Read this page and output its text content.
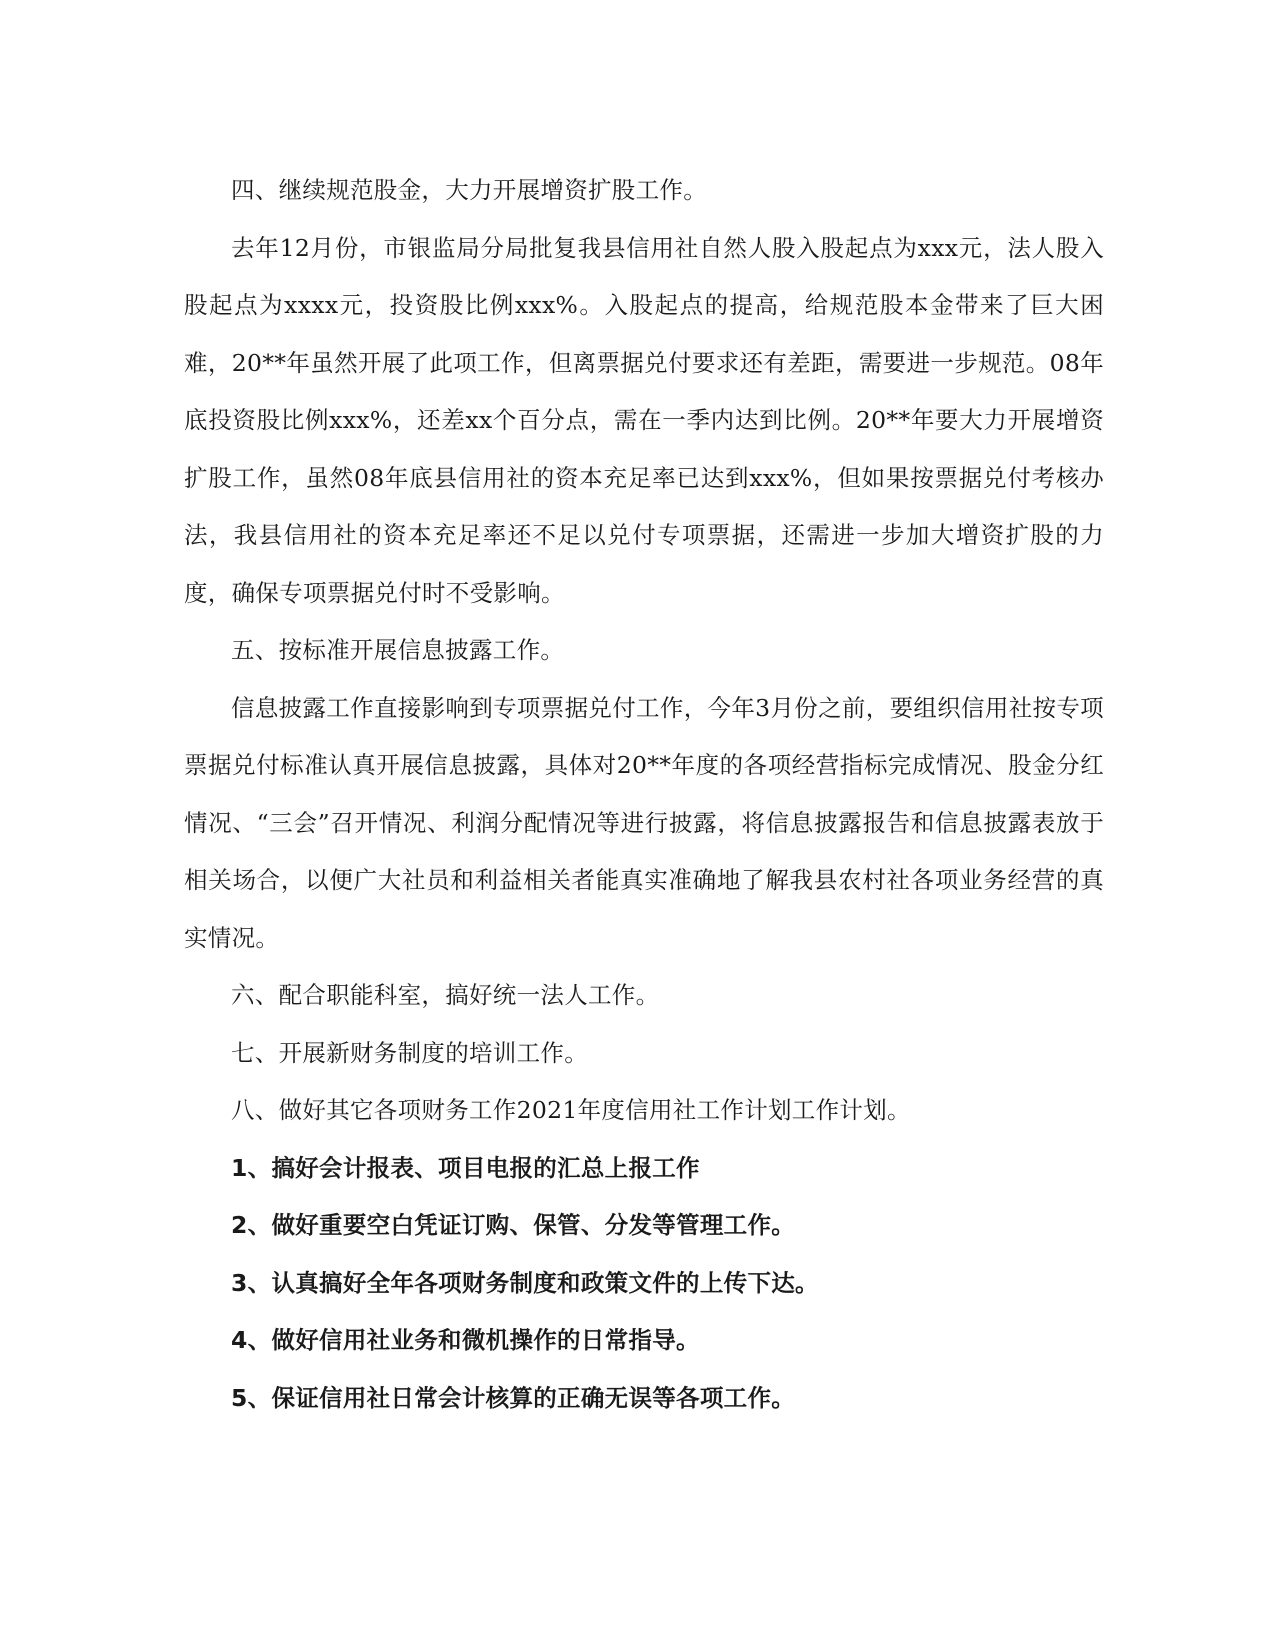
四、继续规范股金，大力开展增资扩股工作。

去年12月份，市银监局分局批复我县信用社自然人股入股起点为xxx元，法人股入股起点为xxxx元，投资股比例xxx%。入股起点的提高，给规范股本金带来了巨大困难，20**年虽然开展了此项工作，但离票据兑付要求还有差距，需要进一步规范。08年底投资股比例xxx%，还差xx个百分点，需在一季内达到比例。20**年要大力开展增资扩股工作，虽然08年底县信用社的资本充足率已达到xxx%，但如果按票据兑付考核办法，我县信用社的资本充足率还不足以兑付专项票据，还需进一步加大增资扩股的力度，确保专项票据兑付时不受影响。

五、按标准开展信息披露工作。

信息披露工作直接影响到专项票据兑付工作，今年3月份之前，要组织信用社按专项票据兑付标准认真开展信息披露，具体对20**年度的各项经营指标完成情况、股金分红情况、“三会”召开情况、利润分配情况等进行披露，将信息披露报告和信息披露表放于相关场合，以便广大社员和利益相关者能真实准确地了解我县农村社各项业务经营的真实情况。

六、配合职能科室，搞好统一法人工作。

七、开展新财务制度的培训工作。

八、做好其它各项财务工作2021年度信用社工作计划工作计划。

1、搞好会计报表、项目电报的汇总上报工作

2、做好重要空白凭证订购、保管、分发等管理工作。

3、认真搞好全年各项财务制度和政策文件的上传下达。

4、做好信用社业务和微机操作的日常指导。

5、保证信用社日常会计核算的正确无误等各项工作。
